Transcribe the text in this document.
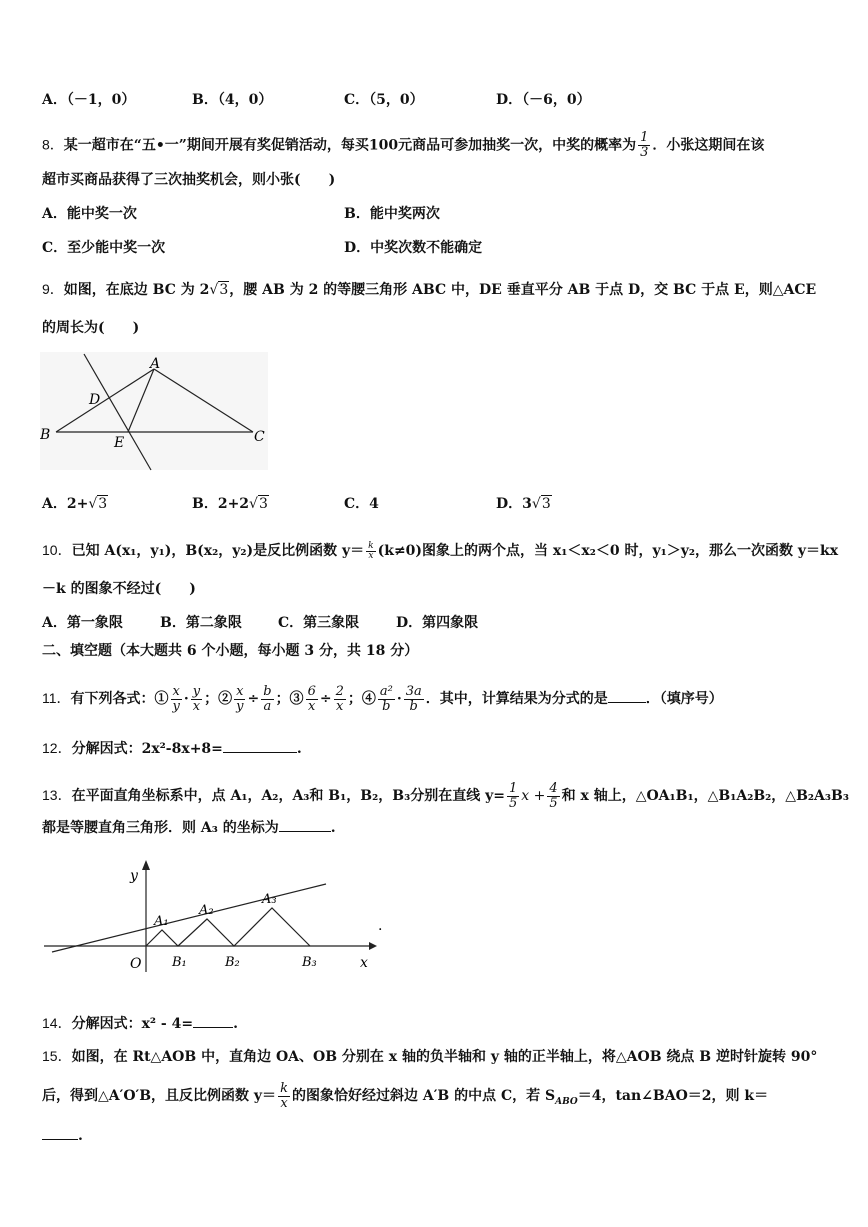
A．（－1，0）	B．（4，0）	C．（5，0）	D．（－6，0）
8．某一超市在“五•一”期间开展有奖促销活动，每买100元商品可参加抽奖一次，中奖的概率为 $\frac{1}{3}$ ．小张这期间在该
超市买商品获得了三次抽奖机会，则小张(　　)
A．能中奖一次	B．能中奖两次
C．至少能中奖一次	D．中奖次数不能确定
9．如图，在底边 BC 为 2√3，腰 AB 为 2 的等腰三角形 ABC 中，DE 垂直平分 AB 于点 D，交 BC 于点 E，则△ACE
的周长为(　　)
A
D
B	E	C
A．2+√3	B．2+2√3	C．4	D．3√3
10．已知 A(x₁，y₁)，B(x₂，y₂)是反比例函数 $y= \frac{k}{x} (k\ne 0)$图象上的两个点，当 x₁＜x₂＜0 时，y₁＞y₂，那么一次函数 y＝kx
－k 的图象不经过(　　)
A．第一象限	B．第二象限	C．第三象限	D．第四象限
二、填空题（本大题共 6 个小题，每小题 3 分，共 18 分）
11．有下列各式：① $\frac{x}{y} \cdot \frac{y}{x}$ ；② $\frac{x}{y} \div \frac{b}{a}$ ；③ $\frac{6}{x} \div \frac{2}{x}$ ；④ $\frac{\text{a²}}{b} \cdot \frac{3a}{b}$ ．其中，计算结果为分式的是	．（填序号）
12．分解因式：2x²-8x+8=	.
13．在平面直角坐标系中，点 A₁，A₂，A₃和 B₁，B₂，B₃分别在直线 $y= \frac{1}{5}$ $x + \frac{4}{5}$ 和 x 轴上，△OA₁B₁，△B₁A₂B₂，△B₂A₃B₃
都是等腰直角三角形．则 A₃ 的坐标为	.
y
x
O
A₁
A₂
A₃
B₁	B₂	B₃
.
14．分解因式：x² - 4=	.
15．如图，在 Rt△AOB 中，直角边 OA、OB 分别在 x 轴的负半轴和 y 轴的正半轴上，将△AOB 绕点 B 逆时针旋转 90°
后，得到△A′O′B，且反比例函数 $y= \frac{k}{x}$ 的图象恰好经过斜边 A′B 的中点 C，若 $S_{ABO}=4$，tan∠BAO＝2，则 k＝
.
